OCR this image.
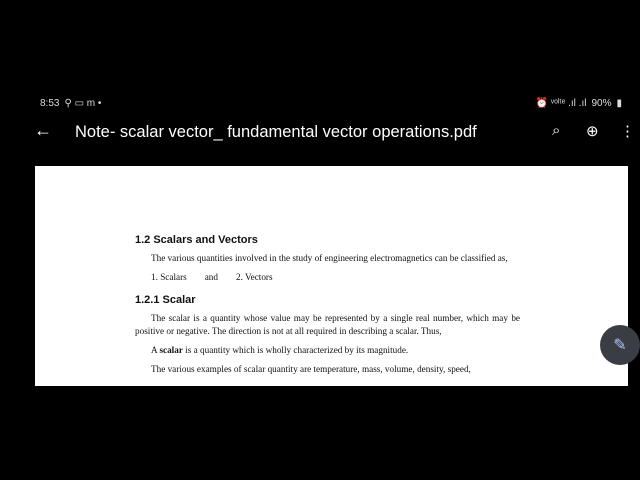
8:53 ⚲ ▭ m •	⏰ ᵛᵒˡᵗᵉ .ıl .ıl 90% ▮
← Note- scalar vector_ fundamental vector operations.pdf	⌕ ⊕ ⋮
1.2 Scalars and Vectors

The various quantities involved in the study of engineering electromagnetics can be classified as,

1. Scalars and 2. Vectors

1.2.1 Scalar

The scalar is a quantity whose value may be represented by a single real number, which may be positive or negative. The direction is not at all required in describing a scalar. Thus,

A scalar is a quantity which is wholly characterized by its magnitude.

The various examples of scalar quantity are temperature, mass, volume, density, speed,

✎
